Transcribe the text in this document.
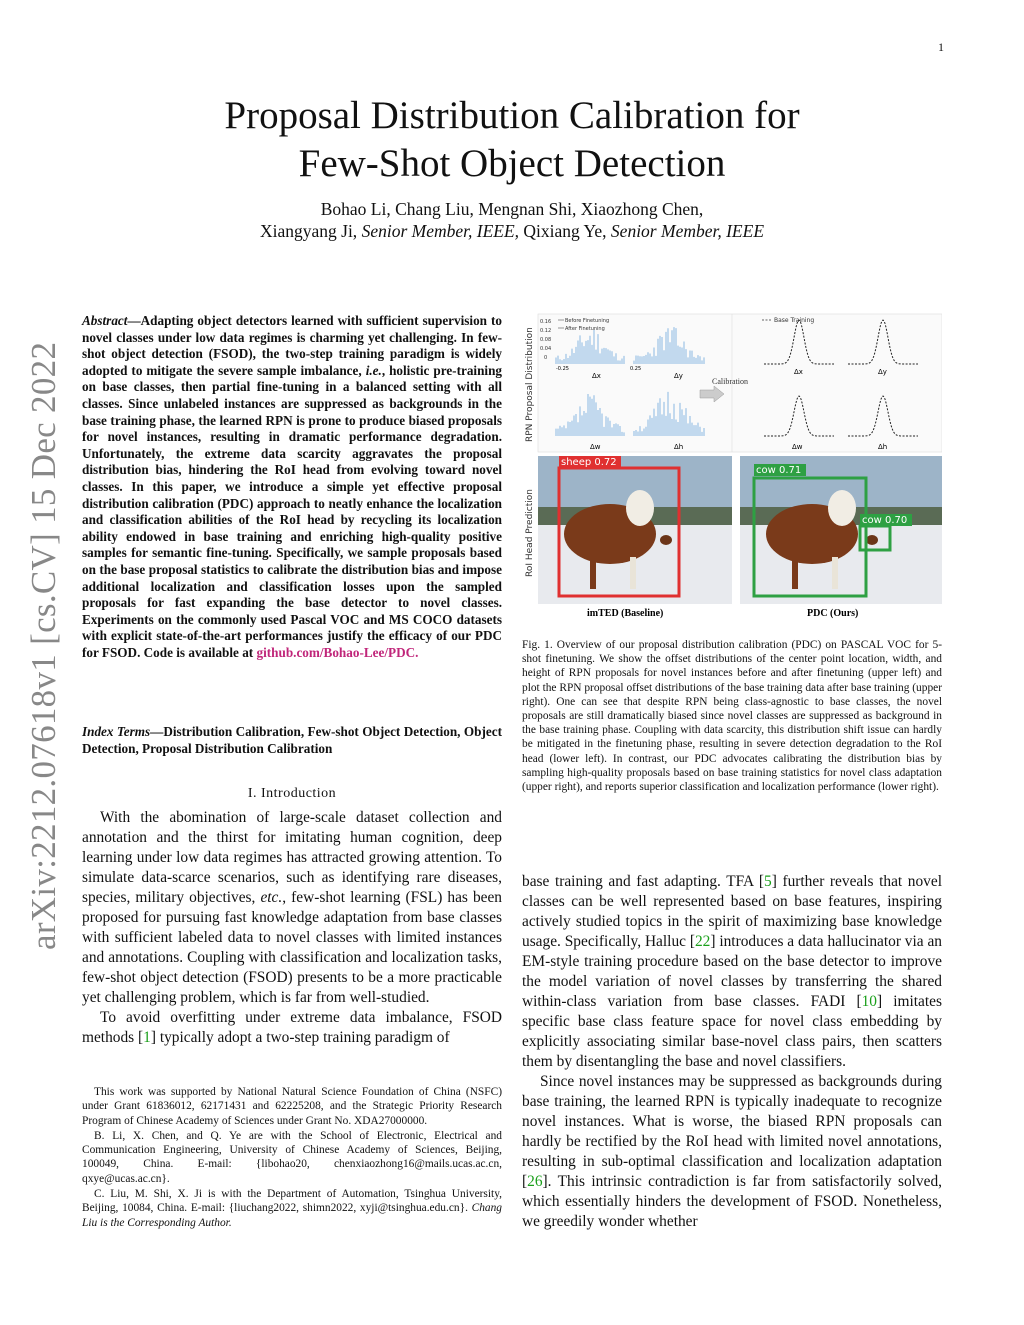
1
Proposal Distribution Calibration for
Few-Shot Object Detection
Bohao Li, Chang Liu, Mengnan Shi, Xiaozhong Chen,
Xiangyang Ji, Senior Member, IEEE, Qixiang Ye, Senior Member, IEEE
arXiv:2212.07618v1 [cs.CV] 15 Dec 2022
Abstract—Adapting object detectors learned with sufficient supervision to novel classes under low data regimes is charming yet challenging. In few-shot object detection (FSOD), the two-step training paradigm is widely adopted to mitigate the severe sample imbalance, i.e., holistic pre-training on base classes, then partial fine-tuning in a balanced setting with all classes. Since unlabeled instances are suppressed as backgrounds in the base training phase, the learned RPN is prone to produce biased proposals for novel instances, resulting in dramatic performance degradation. Unfortunately, the extreme data scarcity aggravates the proposal distribution bias, hindering the RoI head from evolving toward novel classes. In this paper, we introduce a simple yet effective proposal distribution calibration (PDC) approach to neatly enhance the localization and classification abilities of the RoI head by recycling its localization ability endowed in base training and enriching high-quality positive samples for semantic fine-tuning. Specifically, we sample proposals based on the base proposal statistics to calibrate the distribution bias and impose additional localization and classification losses upon the sampled proposals for fast expanding the base detector to novel classes. Experiments on the commonly used Pascal VOC and MS COCO datasets with explicit state-of-the-art performances justify the efficacy of our PDC for FSOD. Code is available at github.com/Bohao-Lee/PDC.
Index Terms—Distribution Calibration, Few-shot Object Detection, Object Detection, Proposal Distribution Calibration
I. Introduction

With the abomination of large-scale dataset collection and annotation and the thirst for imitating human cognition, deep learning under low data regimes has attracted growing attention. To simulate data-scarce scenarios, such as identifying rare diseases, species, military objectives, etc., few-shot learning (FSL) has been proposed for pursuing fast knowledge adaptation from base classes with sufficient labeled data to novel classes with limited instances and annotations. Coupling with classification and localization tasks, few-shot object detection (FSOD) presents to be a more practicable yet challenging problem, which is far from well-studied.

To avoid overfitting under extreme data imbalance, FSOD methods [1] typically adopt a two-step training paradigm of

This work was supported by National Natural Science Foundation of China (NSFC) under Grant 61836012, 62171431 and 62225208, and the Strategic Priority Research Program of Chinese Academy of Sciences under Grant No. XDA27000000.

B. Li, X. Chen, and Q. Ye are with the School of Electronic, Electrical and Communication Engineering, University of Chinese Academy of Sciences, Beijing, 100049, China. E-mail: {libohao20, chenxiaozhong16@mails.ucas.ac.cn, qxye@ucas.ac.cn}.

C. Liu, M. Shi, X. Ji is with the Department of Automation, Tsinghua University, Beijing, 10084, China. E-mail: {liuchang2022, shimn2022, xyji@tsinghua.edu.cn}. Chang Liu is the Corresponding Author.

base training and fast adapting. TFA [5] further reveals that novel classes can be well represented based on base features, inspiring actively studied topics in the spirit of maximizing base knowledge usage. Specifically, Halluc [22] introduces a data hallucinator via an EM-style training procedure based on the base detector to improve the model variation of novel classes by transferring the shared within-class variation from base classes. FADI [10] imitates specific base class feature space for novel class embedding by explicitly associating similar base-novel class pairs, then scatters them by disentangling the base and novel classifiers.

Since novel instances may be suppressed as backgrounds during base training, the learned RPN is typically inadequate to recognize novel instances. What is worse, the biased RPN proposals can hardly be rectified by the RoI head with limited novel annotations, resulting in sub-optimal classification and localization adaptation [26]. This intrinsic contradiction is far from satisfactorily solved, which essentially hinders the development of FSOD. Nonetheless, we greedily wonder whether

RPN Proposal Distribution
RoI Head Prediction
0.16
0.12
0.08
0.04
0
Before Finetuning
After Finetuning
Base Training
-0.25	0.25
Δx	Δy
Δw	Δh
Δx	Δy
Δw	Δh
Calibration
sheep 0.72
cow 0.71
cow 0.70
imTED (Baseline)	PDC (Ours)
Fig. 1. Overview of our proposal distribution calibration (PDC) on PASCAL VOC for 5-shot finetuning. We show the offset distributions of the center point location, width, and height of RPN proposals for novel instances before and after finetuning (upper left) and plot the RPN proposal offset distributions of the base training data after base training (upper right). One can see that despite RPN being class-agnostic to base classes, the novel proposals are still dramatically biased since novel classes are suppressed as background in the base training phase. Coupling with data scarcity, this distribution shift issue can hardly be mitigated in the finetuning phase, resulting in severe detection degradation to the RoI head (lower left). In contrast, our PDC advocates calibrating the distribution bias by sampling high-quality proposals based on base training statistics for novel class adaptation (upper right), and reports superior classification and localization performance (lower right).
